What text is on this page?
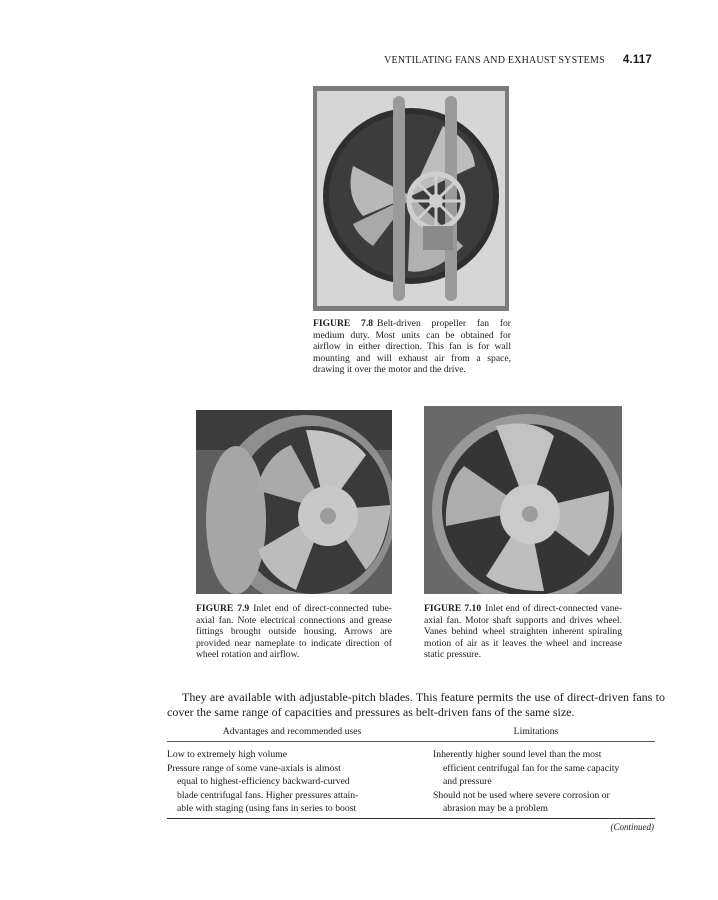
VENTILATING FANS AND EXHAUST SYSTEMS 4.117
FIGURE 7.8 Belt-driven propeller fan for medium duty. Most units can be obtained for airflow in either direction. This fan is for wall mounting and will exhaust air from a space, drawing it over the motor and the drive.
FIGURE 7.9 Inlet end of direct-connected tube-axial fan. Note electrical connections and grease fittings brought outside housing. Arrows are provided near nameplate to indicate direction of wheel rotation and airflow.
FIGURE 7.10 Inlet end of direct-connected vane-axial fan. Motor shaft supports and drives wheel. Vanes behind wheel straighten inherent spiraling motion of air as it leaves the wheel and increase static pressure.

They are available with adjustable-pitch blades. This feature permits the use of direct-driven fans to cover the same range of capacities and pressures as belt-driven fans of the same size.

Advantages and recommended uses	Limitations
Low to extremely high volume
Pressure range of some vane-axials is almost
equal to highest-efficiency backward-curved
blade centrifugal fans. Higher pressures attain-
able with staging (using fans in series to boost
Inherently higher sound level than the most
efficient centrifugal fan for the same capacity
and pressure
Should not be used where severe corrosion or
abrasion may be a problem
(Continued)
